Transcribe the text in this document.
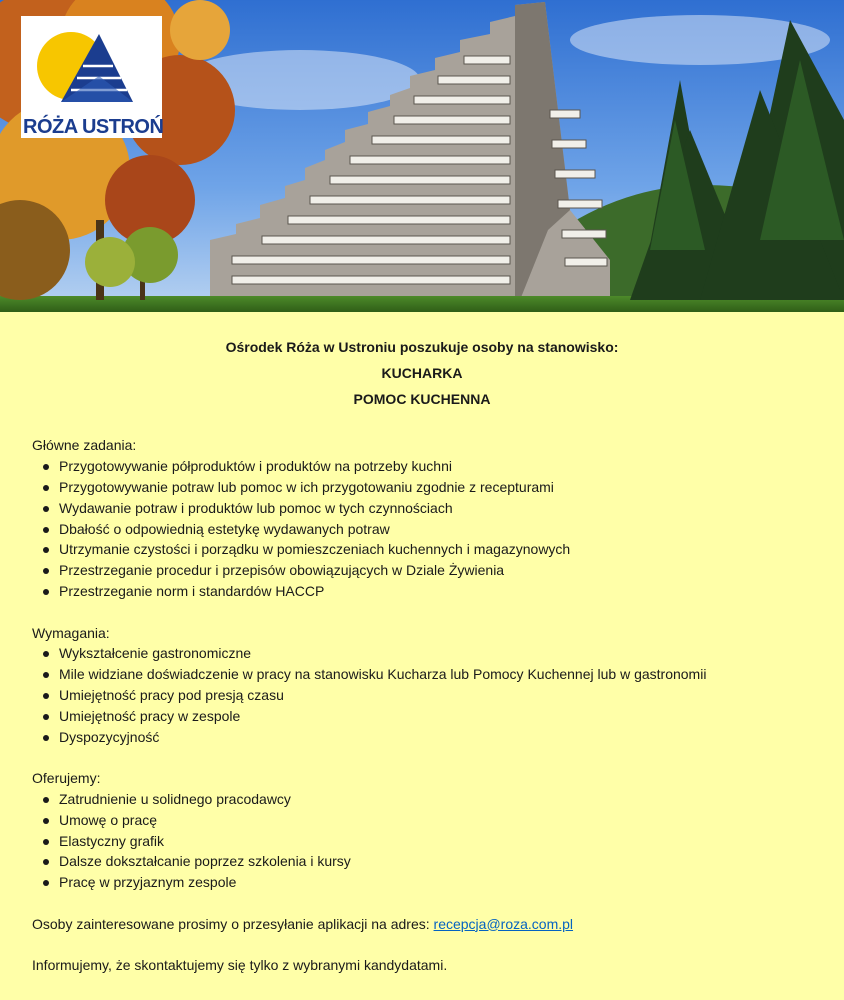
RÓŻA USTROŃ
Ośrodek Róża w Ustroniu poszukuje osoby na stanowisko:
KUCHARKA
POMOC KUCHENNA
Główne zadania:
Przygotowywanie półproduktów i produktów na potrzeby kuchni
Przygotowywanie potraw lub pomoc w ich przygotowaniu zgodnie z recepturami
Wydawanie potraw i produktów lub pomoc w tych czynnościach
Dbałość o odpowiednią estetykę wydawanych potraw
Utrzymanie czystości i porządku w pomieszczeniach kuchennych i magazynowych
Przestrzeganie procedur i przepisów obowiązujących w Dziale Żywienia
Przestrzeganie norm i standardów HACCP
Wymagania:
Wykształcenie gastronomiczne
Mile widziane doświadczenie w pracy na stanowisku Kucharza lub Pomocy Kuchennej lub w gastronomii
Umiejętność pracy pod presją czasu
Umiejętność pracy w zespole
Dyspozycyjność
Oferujemy:
Zatrudnienie u solidnego pracodawcy
Umowę o pracę
Elastyczny grafik
Dalsze dokształcanie poprzez szkolenia i kursy
Pracę w przyjaznym zespole
Osoby zainteresowane prosimy o przesyłanie aplikacji na adres: recepcja@roza.com.pl
Informujemy, że skontaktujemy się tylko z wybranymi kandydatami.
